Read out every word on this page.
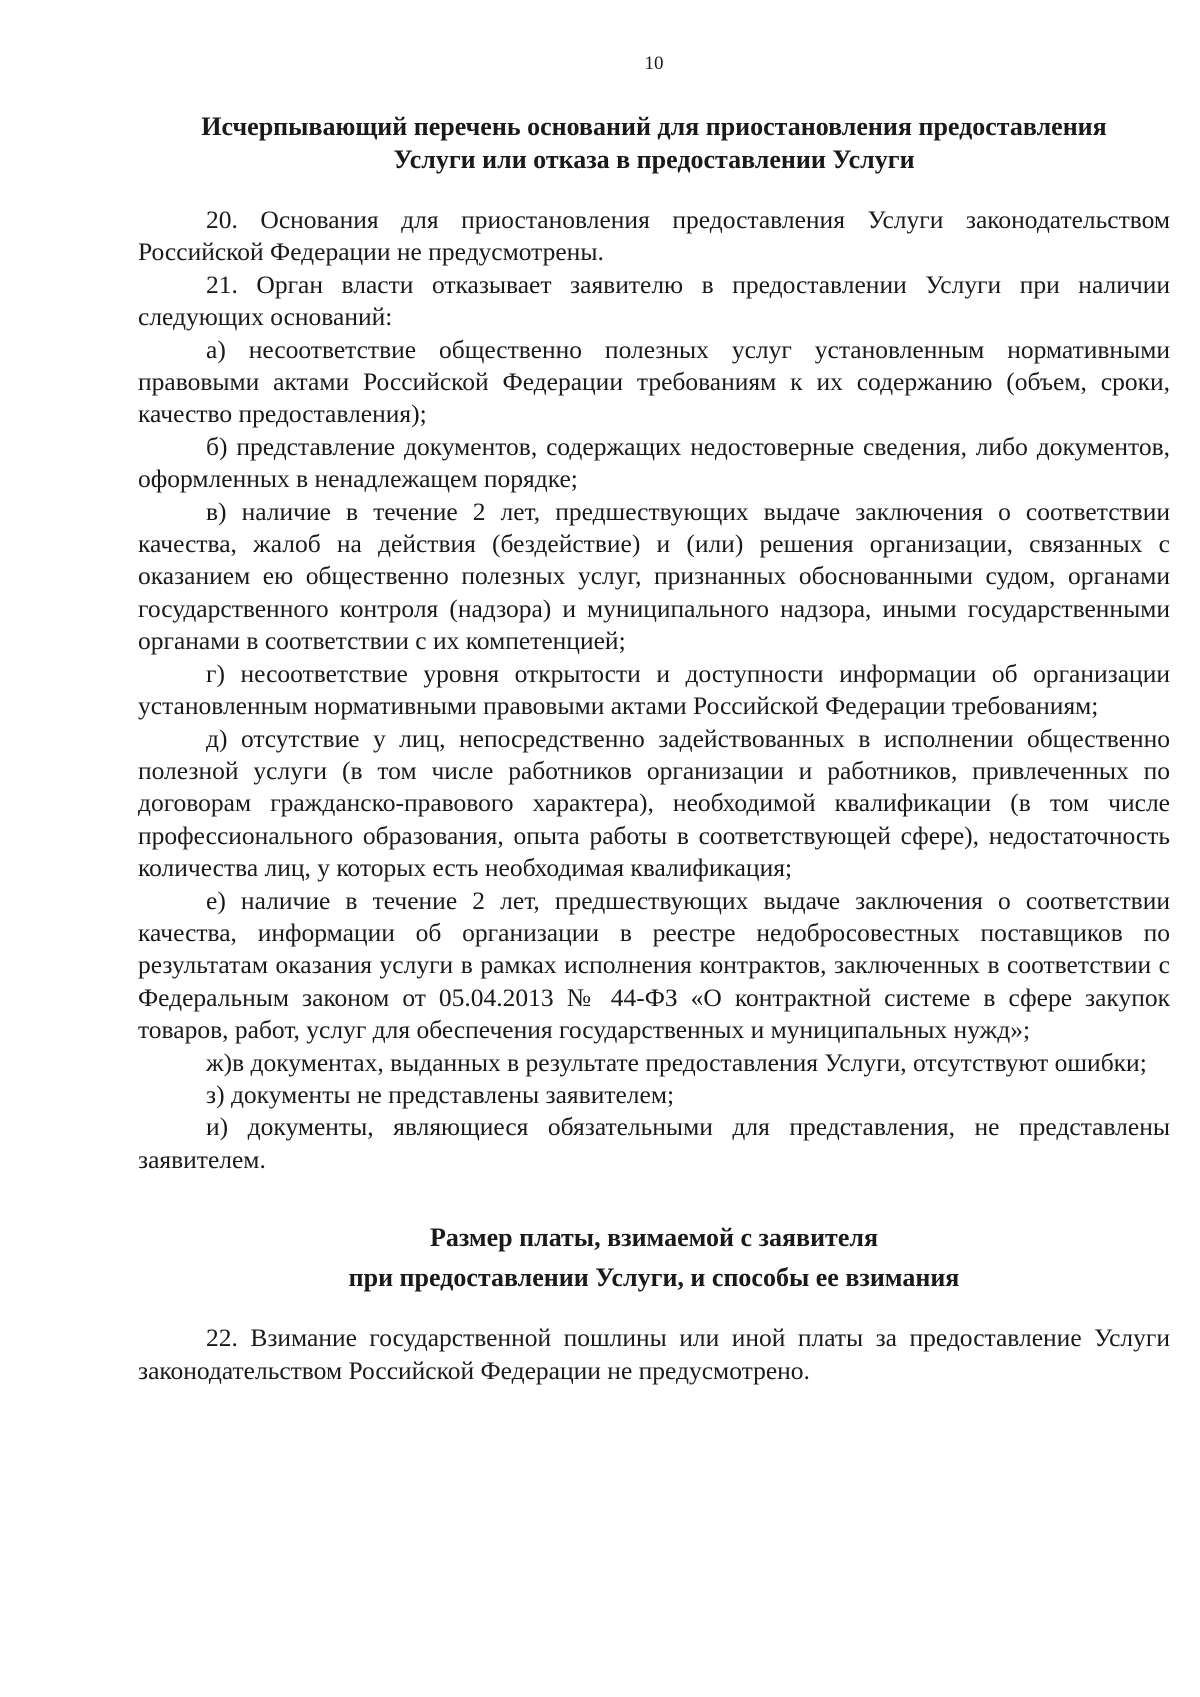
10
Исчерпывающий перечень оснований для приостановления предоставления
Услуги или отказа в предоставлении Услуги

20. Основания для приостановления предоставления Услуги законодательством Российской Федерации не предусмотрены.

21. Орган власти отказывает заявителю в предоставлении Услуги при наличии следующих оснований:

а) несоответствие общественно полезных услуг установленным нормативными правовыми актами Российской Федерации требованиям к их содержанию (объем, сроки, качество предоставления);

б) представление документов, содержащих недостоверные сведения, либо документов, оформленных в ненадлежащем порядке;

в) наличие в течение 2 лет, предшествующих выдаче заключения о соответствии качества, жалоб на действия (бездействие) и (или) решения организации, связанных с оказанием ею общественно полезных услуг, признанных обоснованными судом, органами государственного контроля (надзора) и муниципального надзора, иными государственными органами в соответствии с их компетенцией;

г) несоответствие уровня открытости и доступности информации об организации установленным нормативными правовыми актами Российской Федерации требованиям;

д) отсутствие у лиц, непосредственно задействованных в исполнении общественно полезной услуги (в том числе работников организации и работников, привлеченных по договорам гражданско-правового характера), необходимой квалификации (в том числе профессионального образования, опыта работы в соответствующей сфере), недостаточность количества лиц, у которых есть необходимая квалификация;

е) наличие в течение 2 лет, предшествующих выдаче заключения о соответствии качества, информации об организации в реестре недобросовестных поставщиков по результатам оказания услуги в рамках исполнения контрактов, заключенных в соответствии с Федеральным законом от 05.04.2013 № 44-ФЗ «О контрактной системе в сфере закупок товаров, работ, услуг для обеспечения государственных и муниципальных нужд»;

ж)в документах, выданных в результате предоставления Услуги, отсутствуют ошибки;

з) документы не представлены заявителем;

и) документы, являющиеся обязательными для представления, не представлены заявителем.

Размер платы, взимаемой с заявителя
при предоставлении Услуги, и способы ее взимания

22. Взимание государственной пошлины или иной платы за предоставление Услуги законодательством Российской Федерации не предусмотрено.
